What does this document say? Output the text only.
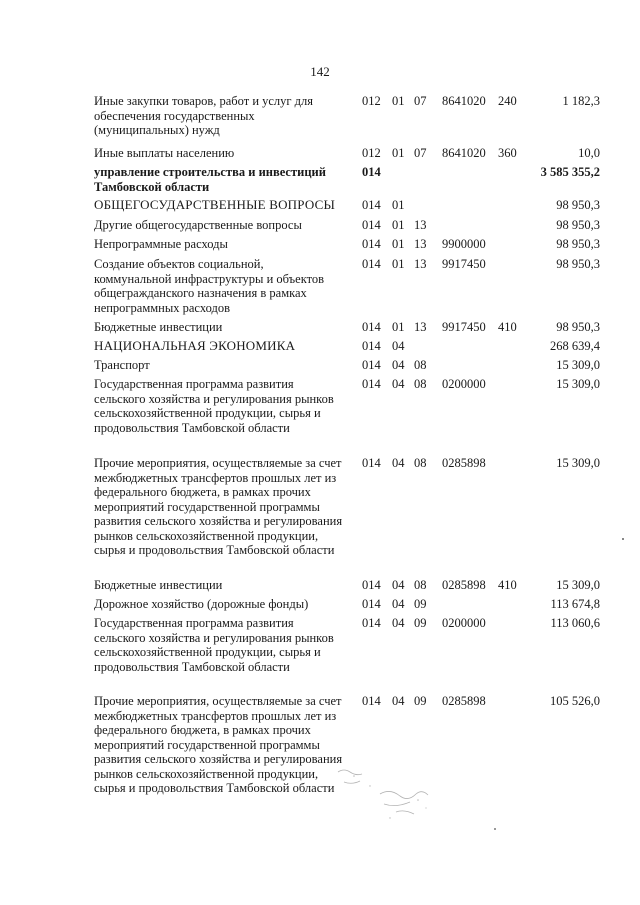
142
Иные закупки товаров, работ и услуг для обеспечения государственных (муниципальных) нужд
012 01 07 8641020 240	1 182,3
Иные выплаты населению	012 01 07 8641020 360	10,0
управление строительства и инвестиций Тамбовской области
014	3 585 355,2
ОБЩЕГОСУДАРСТВЕННЫЕ ВОПРОСЫ	014 01	98 950,3
Другие общегосударственные вопросы	014 01 13	98 950,3
Непрограммные расходы	014 01 13 9900000	98 950,3
Создание объектов социальной, коммунальной инфраструктуры и объектов общегражданского назначения в рамках непрограммных расходов
014 01 13 9917450	98 950,3
Бюджетные инвестиции	014 01 13 9917450 410	98 950,3
НАЦИОНАЛЬНАЯ ЭКОНОМИКА	014 04	268 639,4
Транспорт	014 04 08	15 309,0
Государственная программа развития сельского хозяйства и регулирования рынков сельскохозяйственной продукции, сырья и продовольствия Тамбовской области
014 04 08 0200000	15 309,0
Прочие мероприятия, осуществляемые за счет межбюджетных трансфертов прошлых лет из федерального бюджета, в рамках прочих мероприятий государственной программы развития сельского хозяйства и регулирования рынков сельскохозяйственной продукции, сырья и продовольствия Тамбовской области
014 04 08 0285898	15 309,0
Бюджетные инвестиции	014 04 08 0285898 410	15 309,0
Дорожное хозяйство (дорожные фонды)	014 04 09	113 674,8
Государственная программа развития сельского хозяйства и регулирования рынков сельскохозяйственной продукции, сырья и продовольствия Тамбовской области
014 04 09 0200000	113 060,6
Прочие мероприятия, осуществляемые за счет межбюджетных трансфертов прошлых лет из федерального бюджета, в рамках прочих мероприятий государственной программы развития сельского хозяйства и регулирования рынков сельскохозяйственной продукции, сырья и продовольствия Тамбовской области
014 04 09 0285898	105 526,0
